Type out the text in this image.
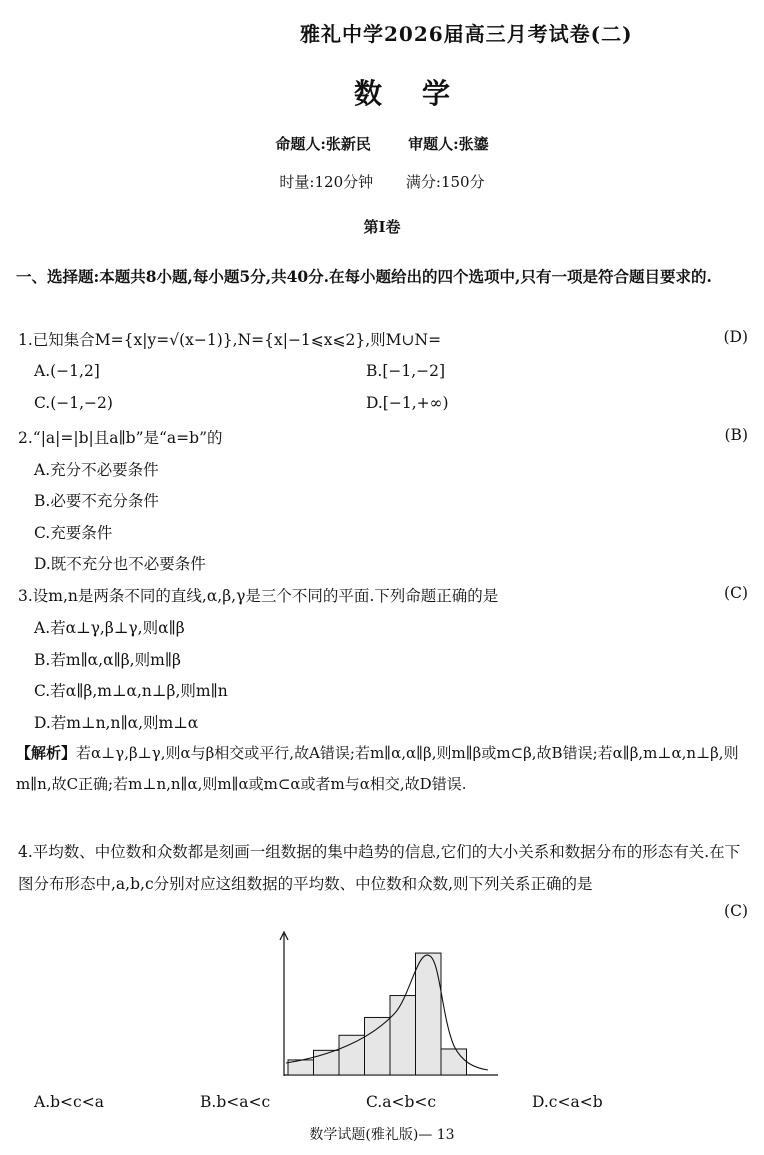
雅礼中学2026届高三月考试卷(二)
数学
命题人:张新民 审题人:张鎏
时量:120分钟 满分:150分
第Ⅰ卷
一、选择题:本题共8小题,每小题5分,共40分.在每小题给出的四个选项中,只有一项是符合题目要求的.
1.已知集合M={x|y=√(x−1)},N={x|−1⩽x⩽2},则M∪N=	(D)
A.(−1,2]	B.[−1,−2]
C.(−1,−2)	D.[−1,+∞)
2.“|a|=|b|且a∥b”是“a=b”的	(B)
A.充分不必要条件
B.必要不充分条件
C.充要条件
D.既不充分也不必要条件
3.设m,n是两条不同的直线,α,β,γ是三个不同的平面.下列命题正确的是	(C)
A.若α⊥γ,β⊥γ,则α∥β
B.若m∥α,α∥β,则m∥β
C.若α∥β,m⊥α,n⊥β,则m∥n
D.若m⊥n,n∥α,则m⊥α
【解析】若α⊥γ,β⊥γ,则α与β相交或平行,故A错误;若m∥α,α∥β,则m∥β或m⊂β,故B错误;若α∥β,m⊥α,n⊥β,则m∥n,故C正确;若m⊥n,n∥α,则m∥α或m⊂α或者m与α相交,故D错误.
4.平均数、中位数和众数都是刻画一组数据的集中趋势的信息,它们的大小关系和数据分布的形态有关.在下图分布形态中,a,b,c分别对应这组数据的平均数、中位数和众数,则下列关系正确的是
(C)
A.b<c<a	B.b<a<c	C.a<b<c	D.c<a<b
数学试题(雅礼版)— 13
